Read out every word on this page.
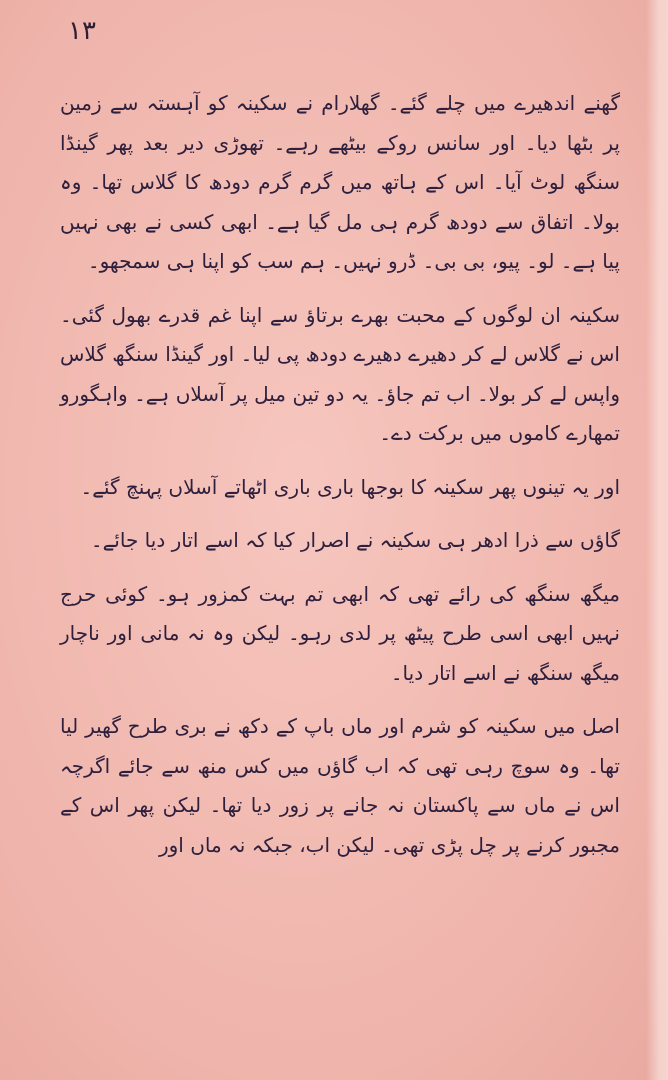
١٣

گھنے اندھیرے میں چلے گئے۔ گھلارام نے سکینہ کو آہستہ سے زمین پر بٹھا دیا۔ اور سانس روکے بیٹھے رہے۔ تھوڑی دیر بعد پھر گینڈا سنگھ لوٹ آیا۔ اس کے ہاتھ میں گرم گرم دودھ کا گلاس تھا۔ وہ بولا۔ اتفاق سے دودھ گرم ہی مل گیا ہے۔ ابھی کسی نے بھی نہیں پیا ہے۔ لو۔ پیو، بی بی۔ ڈرو نہیں۔ ہم سب کو اپنا ہی سمجھو۔

سکینہ ان لوگوں کے محبت بھرے برتاؤ سے اپنا غم قدرے بھول گئی۔ اس نے گلاس لے کر دھیرے دھیرے دودھ پی لیا۔ اور گینڈا سنگھ گلاس واپس لے کر بولا۔ اب تم جاؤ۔ یہ دو تین میل پر آسلاں ہے۔ واہگورو تمھارے کاموں میں برکت دے۔

اور یہ تینوں پھر سکینہ کا بوجھا باری باری اٹھاتے آسلاں پہنچ گئے۔

گاؤں سے ذرا ادھر ہی سکینہ نے اصرار کیا کہ اسے اتار دیا جائے۔

میگھ سنگھ کی رائے تھی کہ ابھی تم بہت کمزور ہو۔ کوئی حرج نہیں ابھی اسی طرح پیٹھ پر لدی رہو۔ لیکن وہ نہ مانی اور ناچار میگھ سنگھ نے اسے اتار دیا۔

اصل میں سکینہ کو شرم اور ماں باپ کے دکھ نے بری طرح گھیر لیا تھا۔ وہ سوچ رہی تھی کہ اب گاؤں میں کس منھ سے جائے اگرچہ اس نے ماں سے پاکستان نہ جانے پر زور دیا تھا۔ لیکن پھر اس کے مجبور کرنے پر چل پڑی تھی۔ لیکن اب، جبکہ نہ ماں اور
